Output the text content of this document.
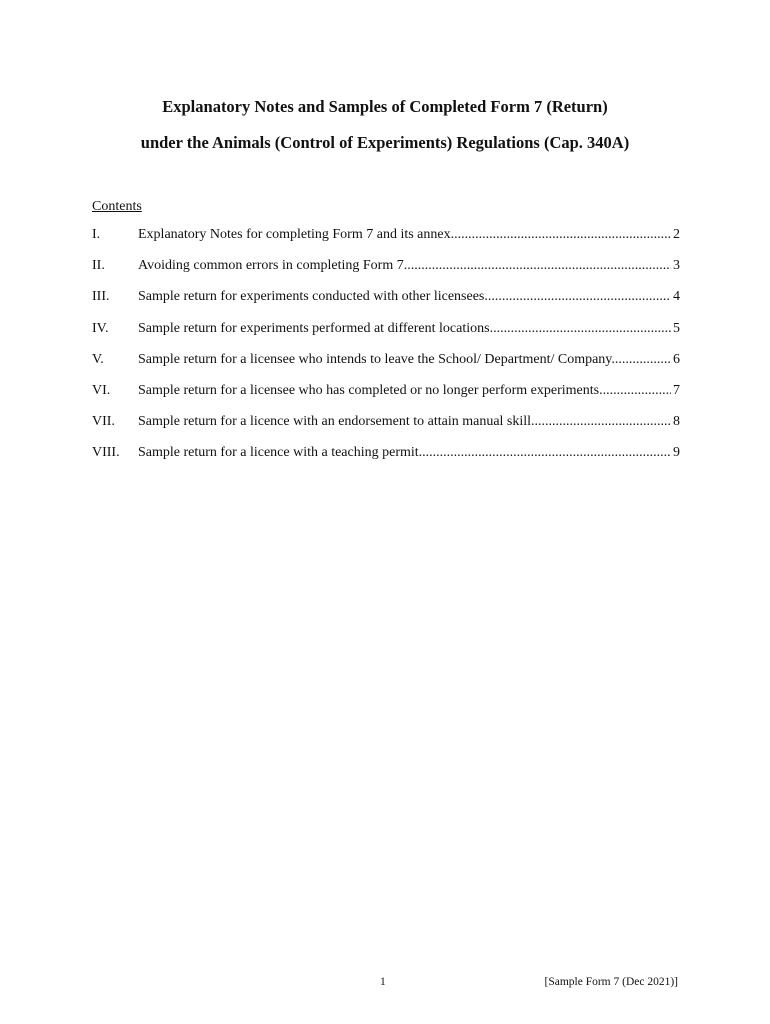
Explanatory Notes and Samples of Completed Form 7 (Return)
under the Animals (Control of Experiments) Regulations (Cap. 340A)
Contents
I.	Explanatory Notes for completing Form 7 and its annex .....	2
II.	Avoiding common errors in completing Form 7 .....	3
III.	Sample return for experiments conducted with other licensees .....	4
IV.	Sample return for experiments performed at different locations .....	5
V.	Sample return for a licensee who intends to leave the School/ Department/ Company. .....	6
VI.	Sample return for a licensee who has completed or no longer perform experiments .....	7
VII.	Sample return for a licence with an endorsement to attain manual skill .....	8
VIII.	Sample return for a licence with a teaching permit .....	9
1	[Sample Form 7 (Dec 2021)]
